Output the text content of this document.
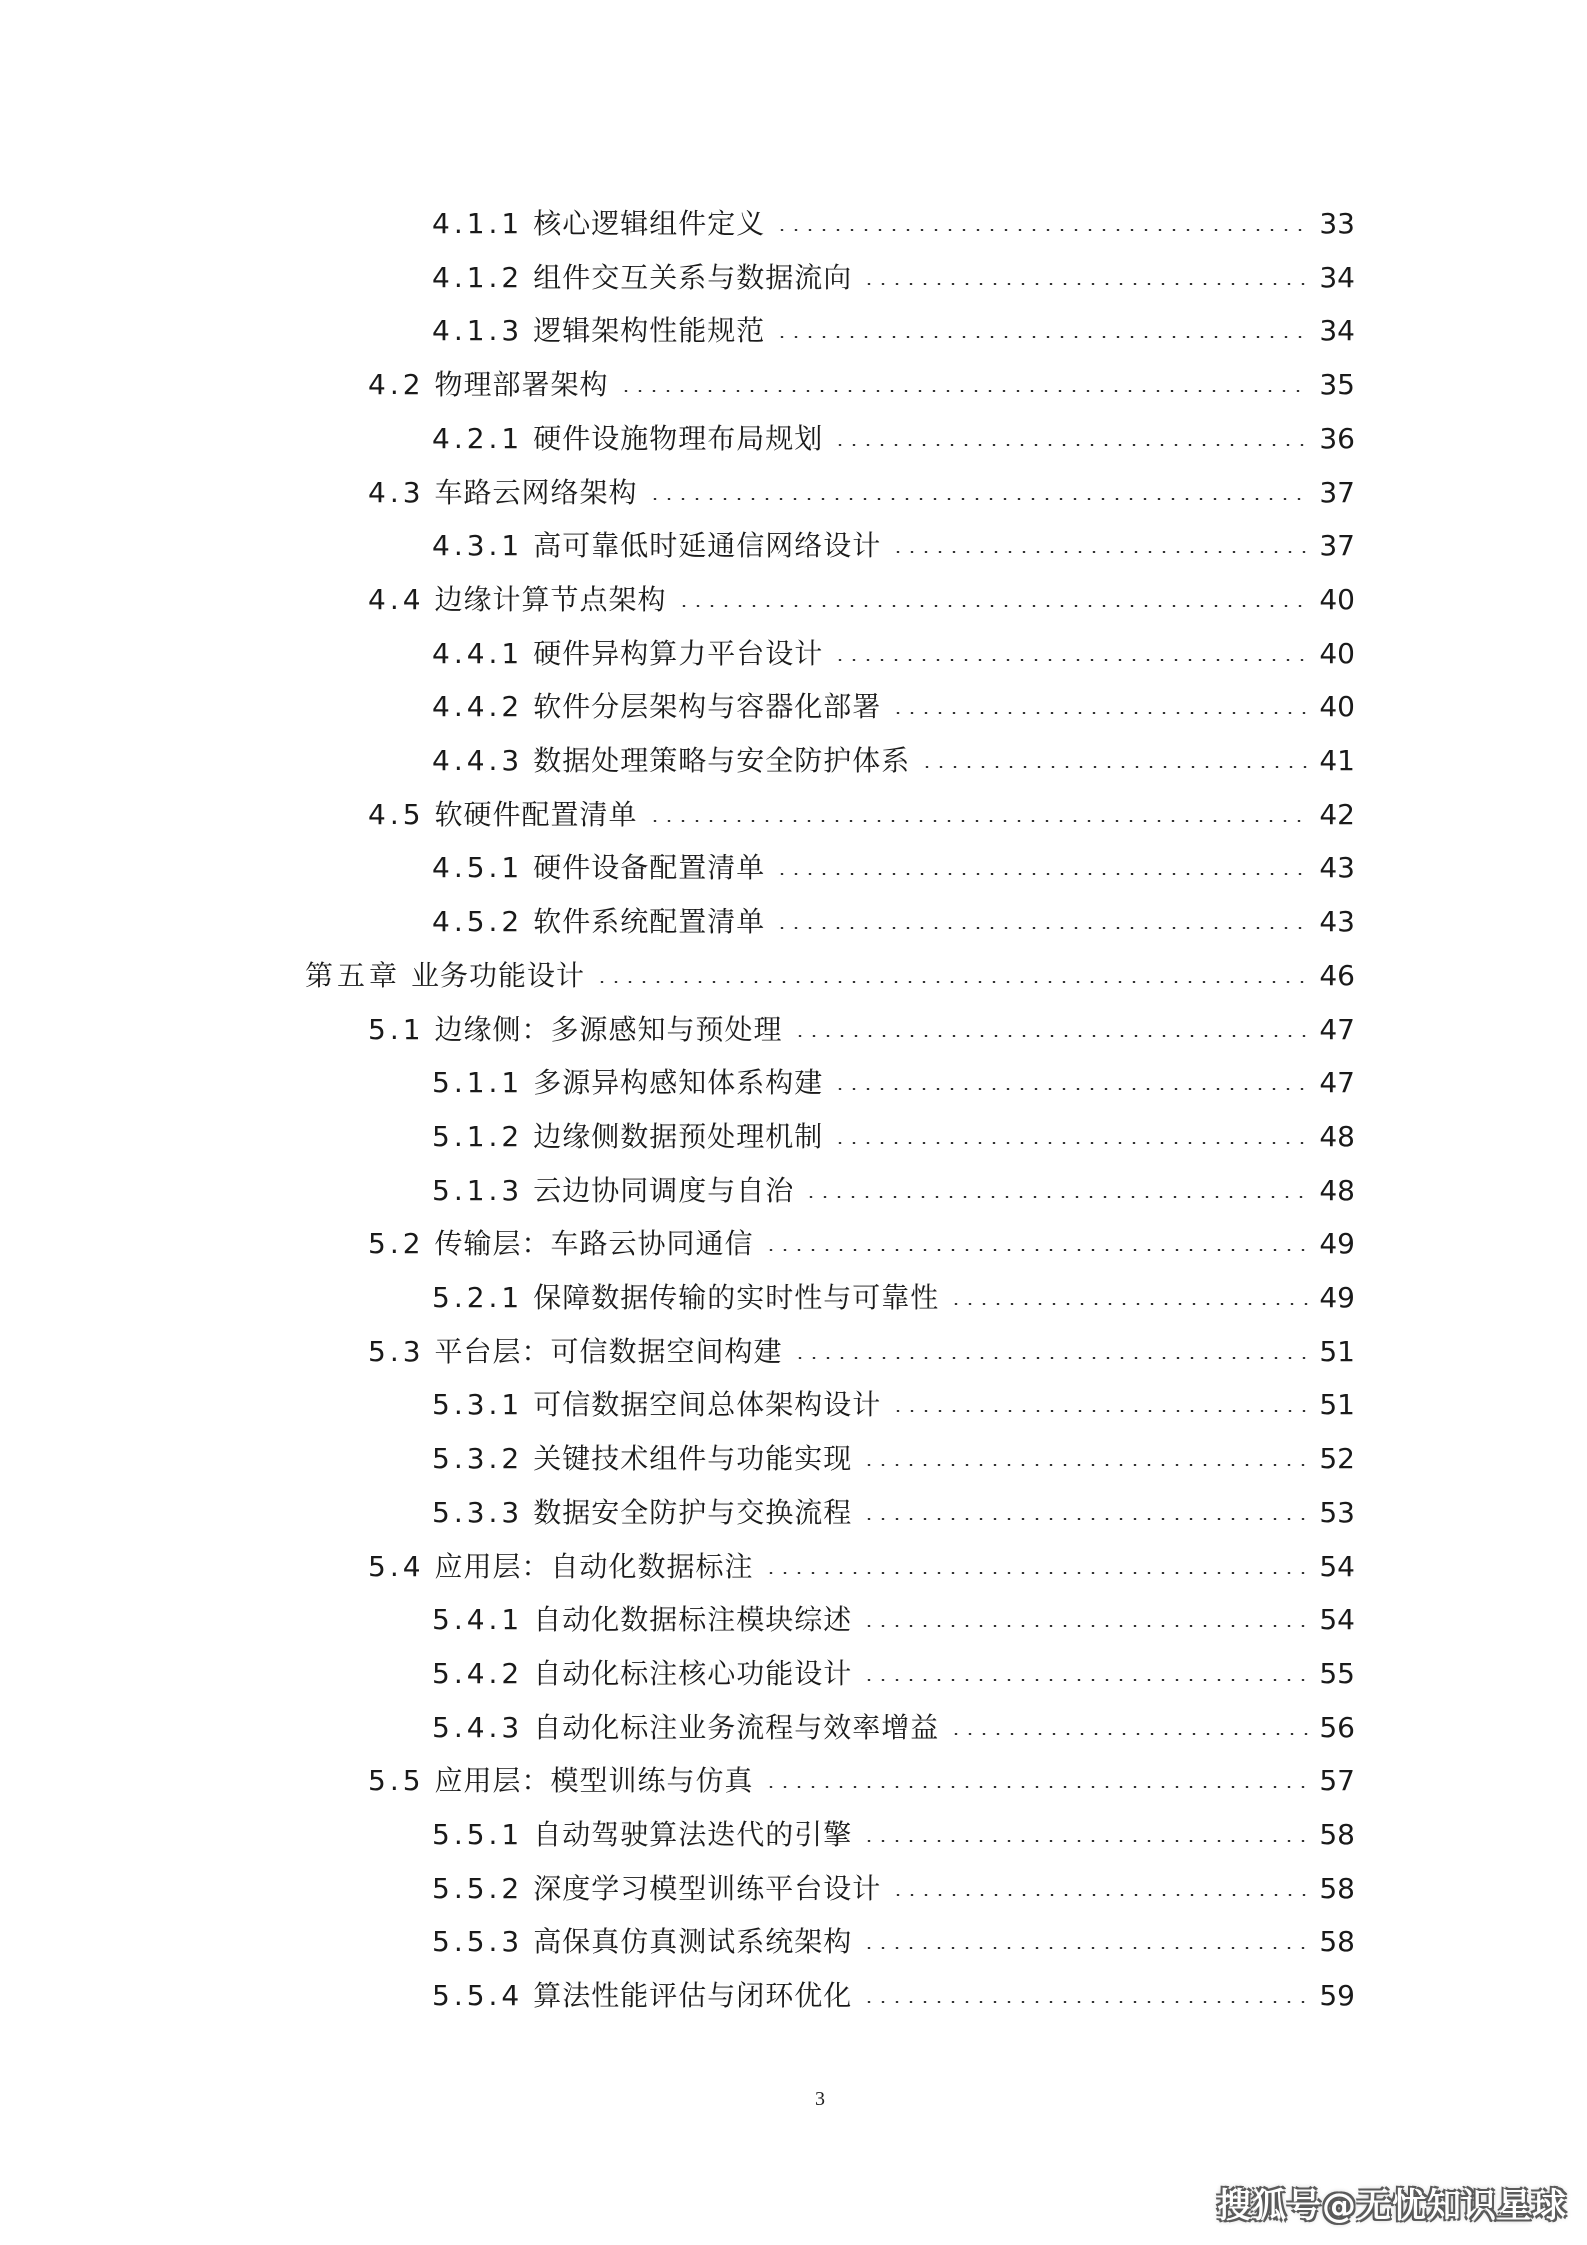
4.1.1 核心逻辑组件定义	33
4.1.2 组件交互关系与数据流向	34
4.1.3 逻辑架构性能规范	34
4.2 物理部署架构	35
4.2.1 硬件设施物理布局规划	36
4.3 车路云网络架构	37
4.3.1 高可靠低时延通信网络设计	37
4.4 边缘计算节点架构	40
4.4.1 硬件异构算力平台设计	40
4.4.2 软件分层架构与容器化部署	40
4.4.3 数据处理策略与安全防护体系	41
4.5 软硬件配置清单	42
4.5.1 硬件设备配置清单	43
4.5.2 软件系统配置清单	43
第五章 业务功能设计	46
5.1 边缘侧：多源感知与预处理	47
5.1.1 多源异构感知体系构建	47
5.1.2 边缘侧数据预处理机制	48
5.1.3 云边协同调度与自治	48
5.2 传输层：车路云协同通信	49
5.2.1 保障数据传输的实时性与可靠性	49
5.3 平台层：可信数据空间构建	51
5.3.1 可信数据空间总体架构设计	51
5.3.2 关键技术组件与功能实现	52
5.3.3 数据安全防护与交换流程	53
5.4 应用层：自动化数据标注	54
5.4.1 自动化数据标注模块综述	54
5.4.2 自动化标注核心功能设计	55
5.4.3 自动化标注业务流程与效率增益	56
5.5 应用层：模型训练与仿真	57
5.5.1 自动驾驶算法迭代的引擎	58
5.5.2 深度学习模型训练平台设计	58
5.5.3 高保真仿真测试系统架构	58
5.5.4 算法性能评估与闭环优化	59
3
搜狐号@无忧知识星球
